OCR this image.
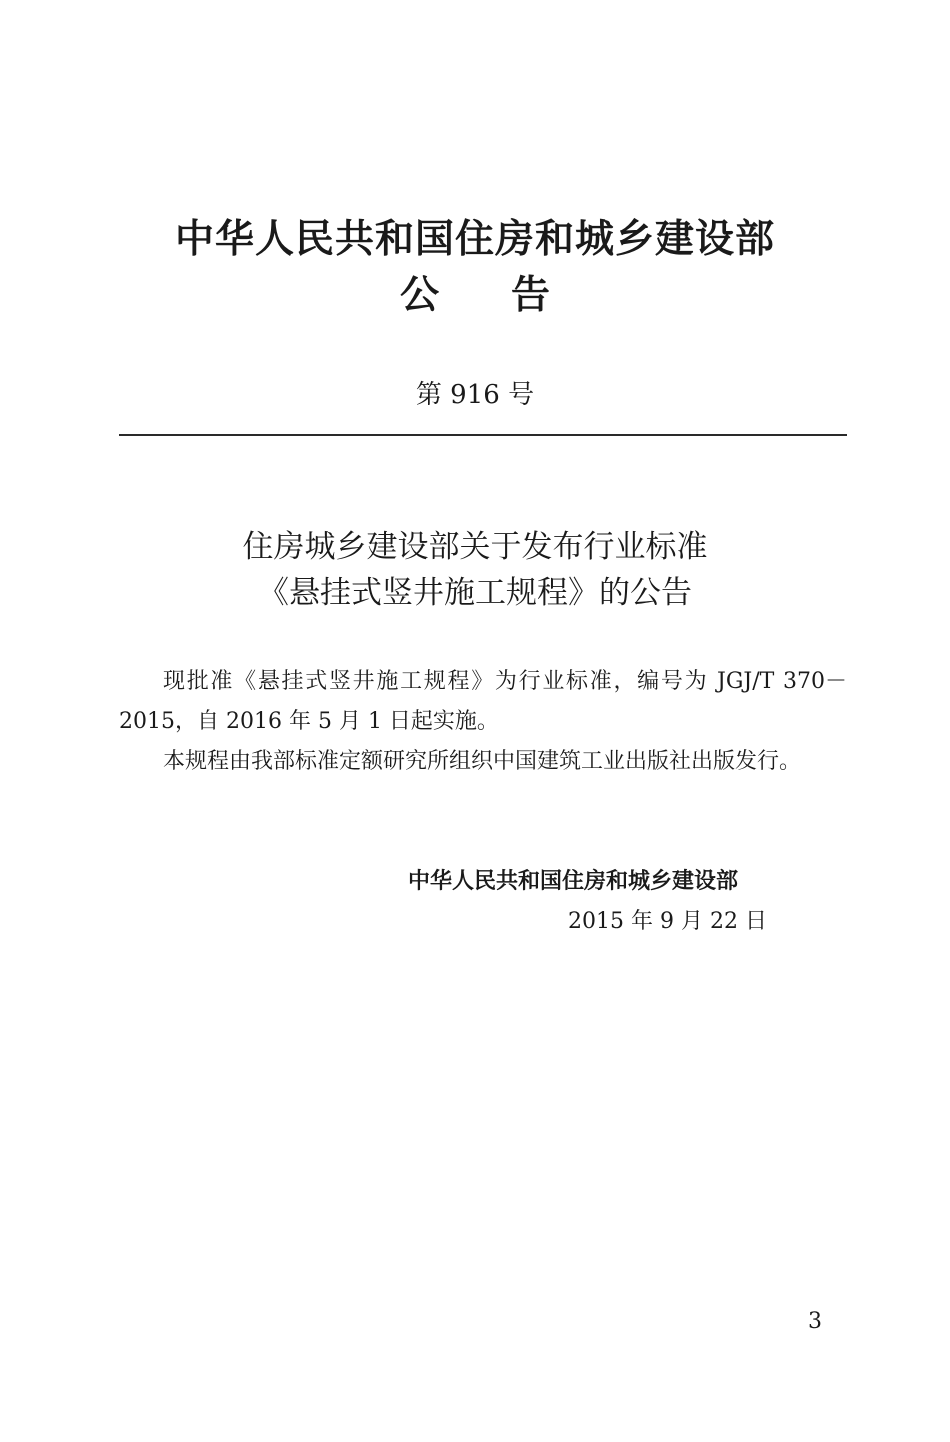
中华人民共和国住房和城乡建设部
公告
第 916 号
住房城乡建设部关于发布行业标准
《悬挂式竖井施工规程》的公告

现批准《悬挂式竖井施工规程》为行业标准，编号为 JGJ/T 370－2015，自 2016 年 5 月 1 日起实施。

本规程由我部标准定额研究所组织中国建筑工业出版社出版发行。

中华人民共和国住房和城乡建设部
2015 年 9 月 22 日
3
